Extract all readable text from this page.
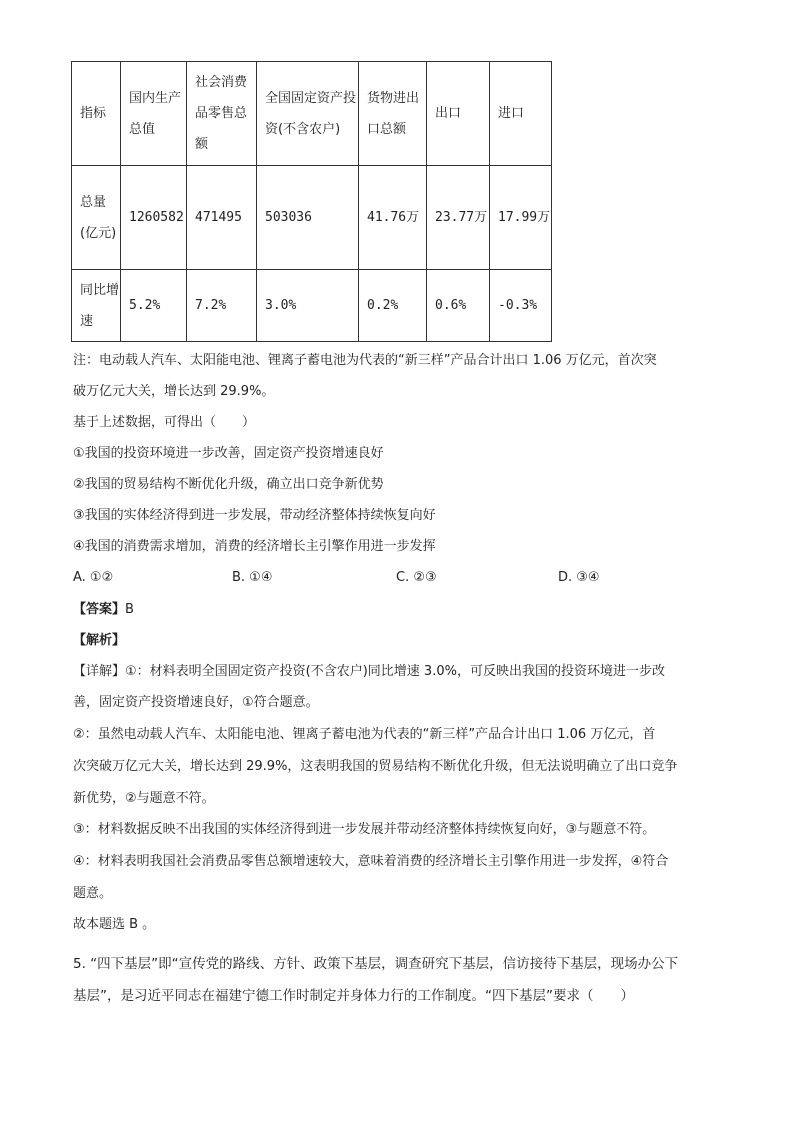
指标	国内生产总值	社会消费品零售总额	全国固定资产投资(不含农户)	货物进出口总额	出口	进口
总量(亿元)	1260582	471495	503036	41.76万	23.77万	17.99万
同比增速	5.2%	7.2%	3.0%	0.2%	0.6%	-0.3%
注：电动载人汽车、太阳能电池、锂离子蓄电池为代表的“新三样”产品合计出口 1.06 万亿元，首次突
破万亿元大关，增长达到 29.9%。
基于上述数据，可得出（　　）
①我国的投资环境进一步改善，固定资产投资增速良好
②我国的贸易结构不断优化升级，确立出口竞争新优势
③我国的实体经济得到进一步发展，带动经济整体持续恢复向好
④我国的消费需求增加，消费的经济增长主引擎作用进一步发挥
A. ①②	B. ①④	C. ②③	D. ③④
【答案】B
【解析】
【详解】①：材料表明全国固定资产投资(不含农户)同比增速 3.0%，可反映出我国的投资环境进一步改
善，固定资产投资增速良好，①符合题意。
②：虽然电动载人汽车、太阳能电池、锂离子蓄电池为代表的“新三样”产品合计出口 1.06 万亿元，首
次突破万亿元大关，增长达到 29.9%，这表明我国的贸易结构不断优化升级，但无法说明确立了出口竞争
新优势，②与题意不符。
③：材料数据反映不出我国的实体经济得到进一步发展并带动经济整体持续恢复向好，③与题意不符。
④：材料表明我国社会消费品零售总额增速较大，意味着消费的经济增长主引擎作用进一步发挥，④符合
题意。
故本题选 B 。
5. “四下基层”即“宣传党的路线、方针、政策下基层，调查研究下基层，信访接待下基层，现场办公下
基层”，是习近平同志在福建宁德工作时制定并身体力行的工作制度。“四下基层”要求（　　）
